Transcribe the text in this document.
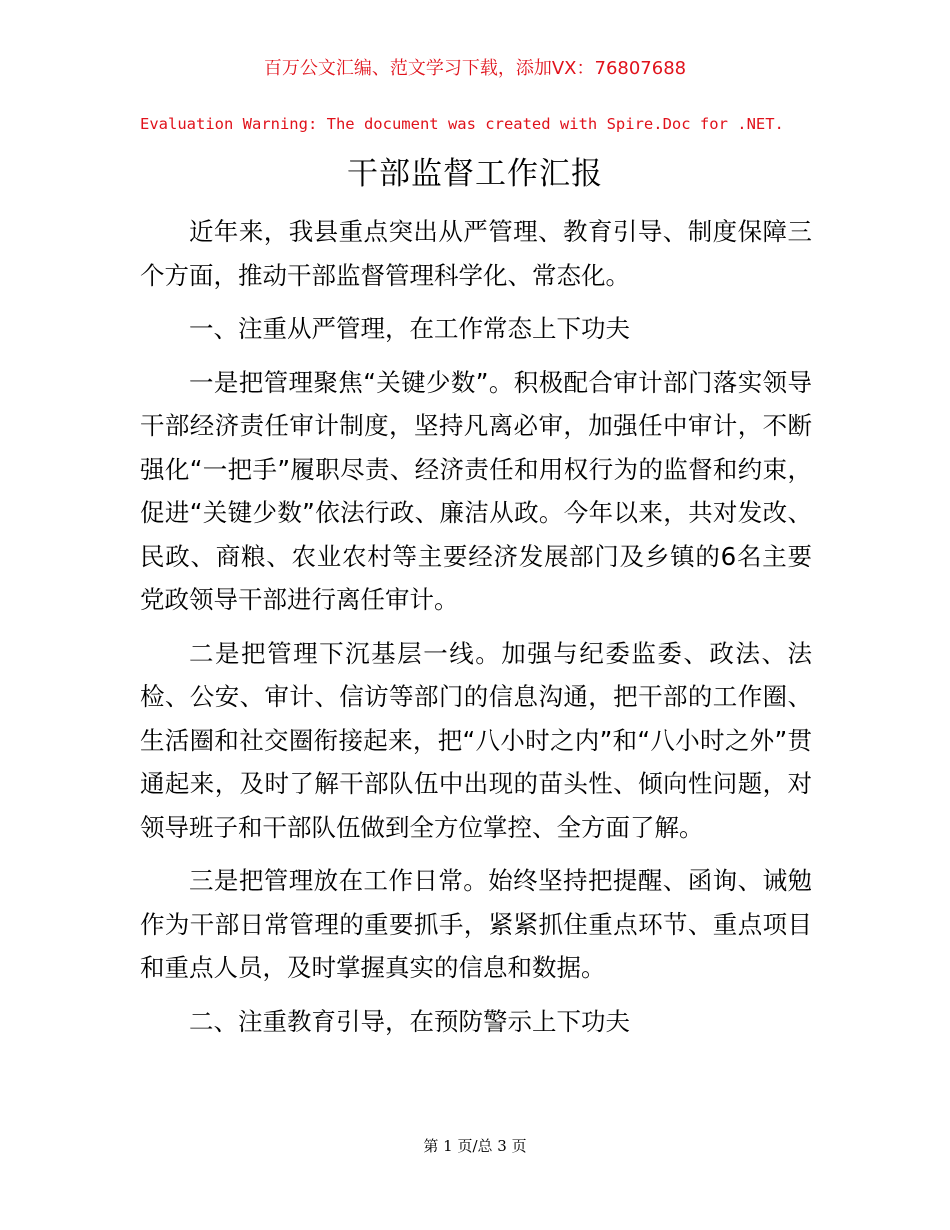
百万公文汇编、范文学习下载，添加VX：76807688
Evaluation Warning: The document was created with Spire.Doc for .NET.
干部监督工作汇报

近年来，我县重点突出从严管理、教育引导、制度保障三个方面，推动干部监督管理科学化、常态化。

一、注重从严管理，在工作常态上下功夫

一是把管理聚焦“关键少数”。积极配合审计部门落实领导干部经济责任审计制度，坚持凡离必审，加强任中审计，不断强化“一把手”履职尽责、经济责任和用权行为的监督和约束，促进“关键少数”依法行政、廉洁从政。今年以来，共对发改、民政、商粮、农业农村等主要经济发展部门及乡镇的6名主要党政领导干部进行离任审计。

二是把管理下沉基层一线。加强与纪委监委、政法、法检、公安、审计、信访等部门的信息沟通，把干部的工作圈、生活圈和社交圈衔接起来，把“八小时之内”和“八小时之外”贯通起来，及时了解干部队伍中出现的苗头性、倾向性问题，对领导班子和干部队伍做到全方位掌控、全方面了解。

三是把管理放在工作日常。始终坚持把提醒、函询、诫勉作为干部日常管理的重要抓手，紧紧抓住重点环节、重点项目和重点人员，及时掌握真实的信息和数据。

二、注重教育引导，在预防警示上下功夫

第 1 页/总 3 页
